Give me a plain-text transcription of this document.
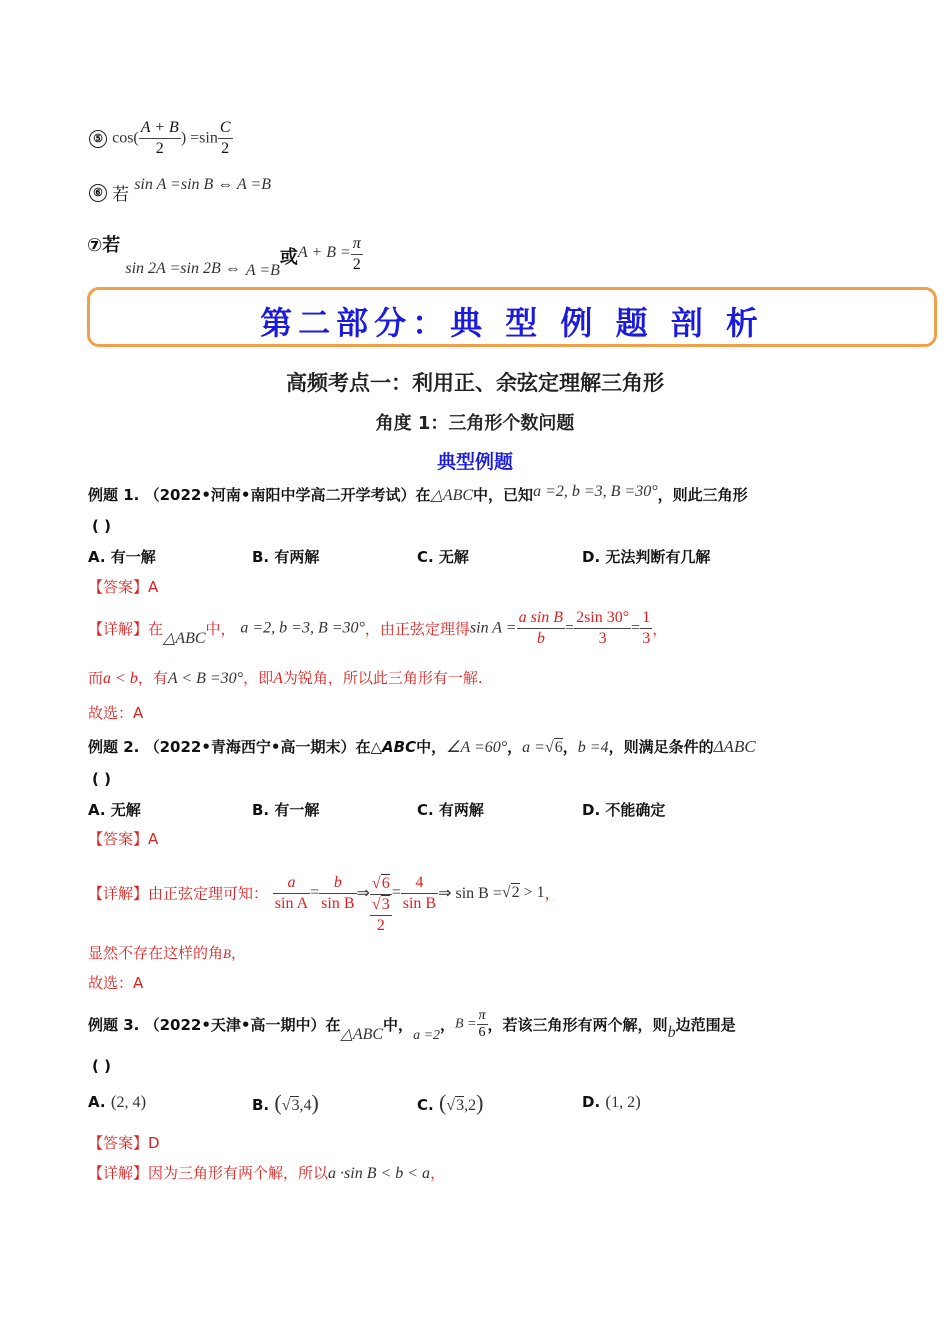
⑤ $\cos( \frac{A + B}{2}$ ) $=\sin \frac{C}{2}$
⑥ 若 sin A =sin B ⇔ A =B
⑦若 sin 2A =sin 2B ⇔ A =B或$A + B = \frac{\pi}{2}$
第二部分：典 型 例 题 剖 析
高频考点一：利用正、余弦定理解三角形
角度 1：三角形个数问题
典型例题
例题 1. （2022•河南•南阳中学高二开学考试）在△ABC中，已知a =2, b =3, B =30°，则此三角形
( )
A. 有一解	B. 有两解	C. 无解	D. 无法判断有几解
【答案】A
【详解】在△ABC中， a =2, b =3, B =30°，由正弦定理得$\sin A = \frac{\text{a sin B}}{b} = \frac{2\sin 30^\circ}{3} = \frac{1}{3}$ ，
而a < b，有A < B =30°，即A为锐角，所以此三角形有一解.
故选：A
例题 2. （2022•青海西宁•高一期末）在△ABC中，∠A =60°，a =√6，b =4，则满足条件的ΔABC
( )
A. 无解	B. 有一解	C. 有两解	D. 不能确定
【答案】A
【详解】由正弦定理可知： $\frac{a}{\text{sin A}} = \frac{b}{\text{sin B}}$ ⇒
√6
√3
2
= $\frac{4}{\text{sin B}}$ ⇒ sin B =√2 > 1，
显然不存在这样的角B，
故选：A
例题 3. （2022•天津•高一期中）在△ABC中，a =2，$B = \frac{\pi}{6}$ ，若该三角形有两个解，则b边范围是
( )
A. (2, 4)	B. (√3,4)	C. (√3,2)	D. (1, 2)
【答案】D
【详解】因为三角形有两个解，所以a ·sin B < b < a，
